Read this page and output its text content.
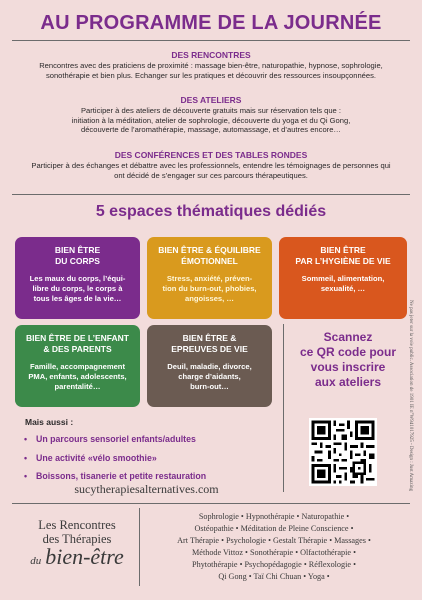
AU PROGRAMME DE LA JOURNÉE
DES RENCONTRES

Rencontres avec des praticiens de proximité : massage bien-être, naturopathie, hypnose, sophrologie,

sonothérapie et bien plus. Echanger sur les pratiques et découvrir des ressources insoupçonnées.

DES ATELIERS

Participer à des ateliers de découverte gratuits mais sur réservation tels que :

initiation à la méditation, atelier de sophrologie, découverte du yoga et du Qi Gong,

découverte de l’aromathérapie, massage, automassage, et d’autres encore…

DES CONFÉRENCES ET DES TABLES RONDES

Participer à des échanges et débattre avec les professionnels, entendre les témoignages de personnes qui

ont décidé de s’engager sur ces parcours thérapeutiques.

5 espaces thématiques dédiés
BIEN ÊTRE
DU CORPS
Les maux du corps, l’équi-
libre du corps, le corps à
tous les âges de la vie…
BIEN ÊTRE & ÉQUILIBRE
ÉMOTIONNEL
Stress, anxiété, préven-
tion du burn-out, phobies,
angoisses, …
BIEN ÊTRE
PAR L’HYGIÈNE DE VIE
Sommeil, alimentation,
sexualité, …
BIEN ÊTRE DE L’ENFANT
& DES PARENTS
Famille, accompagnement
PMA, enfants, adolescents,
parentalité…
BIEN ÊTRE &
EPREUVES DE VIE
Deuil, maladie, divorce,
charge d’aidants,
burn-out…
Scannez
ce QR code pour
vous inscrire
aux ateliers
Mais aussi :
• Un parcours sensoriel enfants/adultes
• Une activité «vélo smoothie»
• Boissons, tisanerie et petite restauration
sucytherapiesalternatives.com
Les Rencontres
des Thérapies
du bien-être
Sophrologie • Hypnothérapie • Naturopathie •
Ostéopathie • Méditation de Pleine Conscience •
Art Thérapie • Psychologie • Gestalt Thérapie • Massages •
Méthode Vittoz • Sonothérapie • Olfactothérapie •
Phytothérapie • Psychopédagogie • Réflexologie •
Qi Gong • Taï Chi Chuan • Yoga •
Ne pas jeter sur la voie public. Association de 1901 IE n°W941017925 - Design : Just Amazing
